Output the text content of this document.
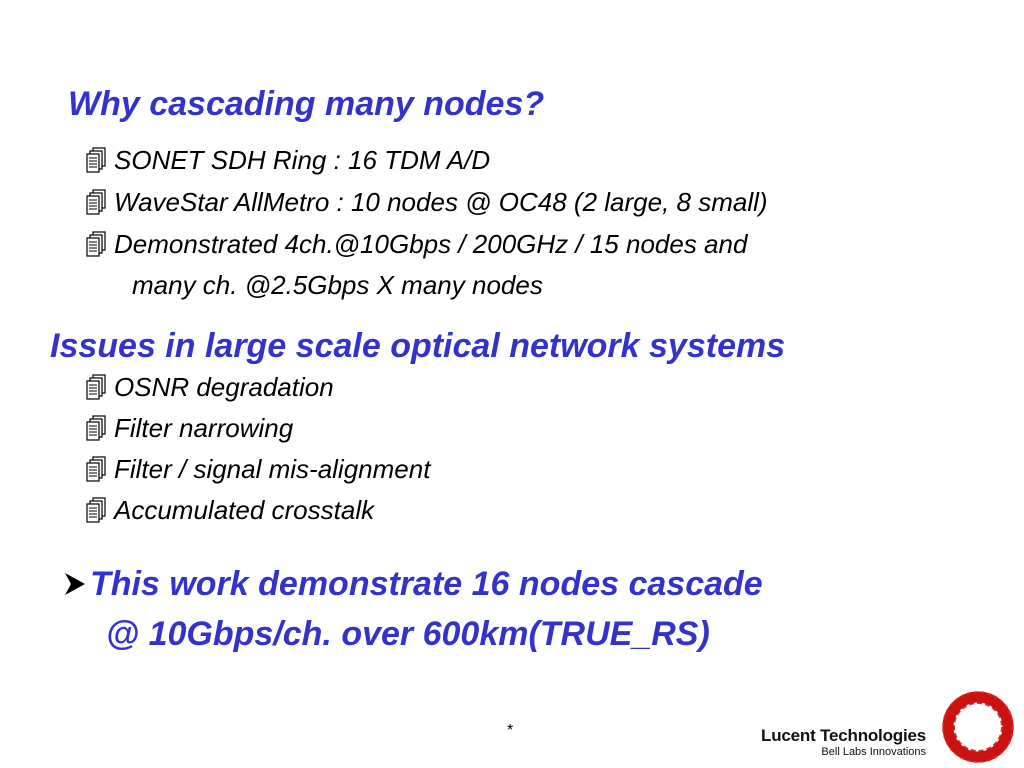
Why cascading many nodes?
SONET SDH Ring : 16 TDM A/D
WaveStar AllMetro : 10 nodes @ OC48 (2 large, 8 small)
Demonstrated 4ch.@10Gbps / 200GHz / 15 nodes and
many ch. @2.5Gbps X many nodes
Issues in large scale optical network systems
OSNR degradation
Filter narrowing
Filter / signal mis-alignment
Accumulated crosstalk
This work demonstrate 16 nodes cascade
@ 10Gbps/ch. over 600km(TRUE_RS)
*	Lucent Technologies
Bell Labs Innovations
